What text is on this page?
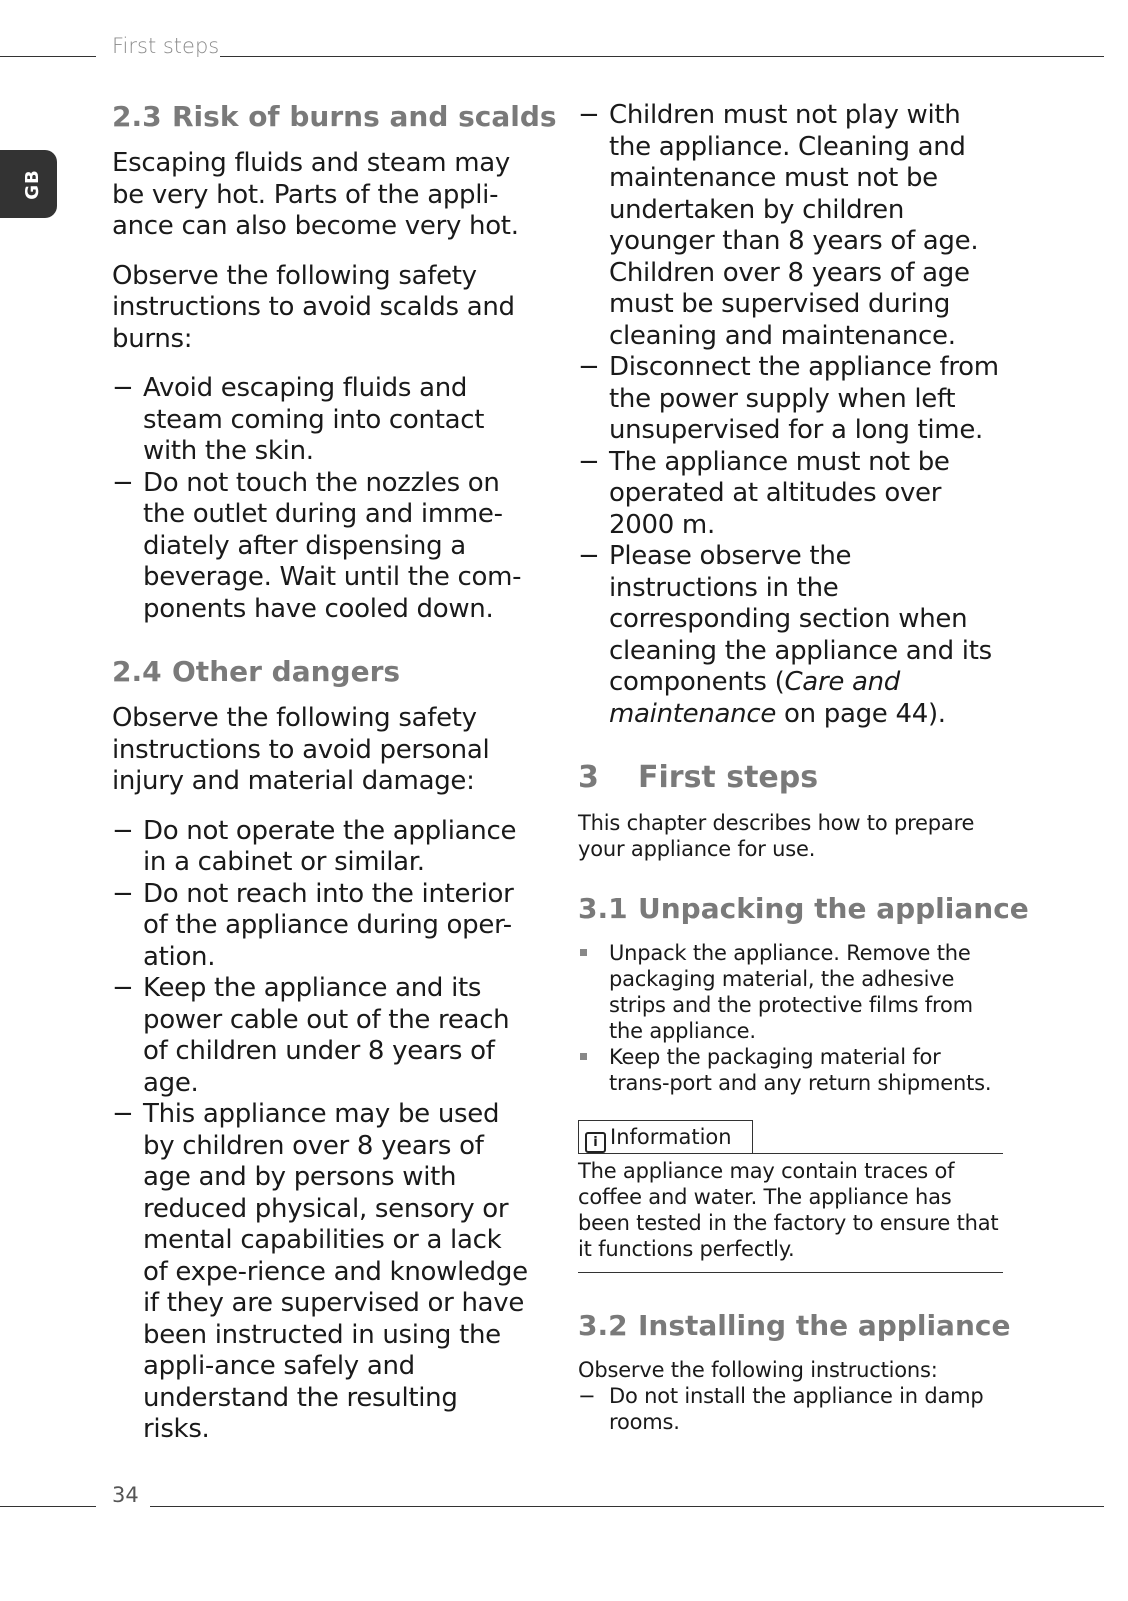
First steps
GB
2.3 Risk of burns and scalds

Escaping fluids and steam may be very hot. Parts of the appli-ance can also become very hot.

Observe the following safety instructions to avoid scalds and burns:

− Avoid escaping fluids and steam coming into contact with the skin.
− Do not touch the nozzles on the outlet during and imme-diately after dispensing a beverage. Wait until the com-ponents have cooled down.
2.4 Other dangers

Observe the following safety instructions to avoid personal injury and material damage:

− Do not operate the appliance in a cabinet or similar.
− Do not reach into the interior of the appliance during oper-ation.
− Keep the appliance and its power cable out of the reach of children under 8 years of age.
− This appliance may be used by children over 8 years of age and by persons with reduced physical, sensory or mental capabilities or a lack of expe-rience and knowledge if they are supervised or have been instructed in using the appli-ance safely and understand the resulting risks.
− Children must not play with the appliance. Cleaning and maintenance must not be undertaken by children younger than 8 years of age. Children over 8 years of age must be supervised during cleaning and maintenance.
− Disconnect the appliance from the power supply when left unsupervised for a long time.
− The appliance must not be operated at altitudes over 2000 m.
− Please observe the instructions in the corresponding section when cleaning the appliance and its components (Care and maintenance on page 44).
3 First steps

This chapter describes how to prepare your appliance for use.

3.1 Unpacking the appliance
Unpack the appliance. Remove the packaging material, the adhesive strips and the protective films from the appliance.
Keep the packaging material for trans-port and any return shipments.
i Information
The appliance may contain traces of coffee and water. The appliance has been tested in the factory to ensure that it functions perfectly.
3.2 Installing the appliance

Observe the following instructions:

− Do not install the appliance in damp rooms.
34
